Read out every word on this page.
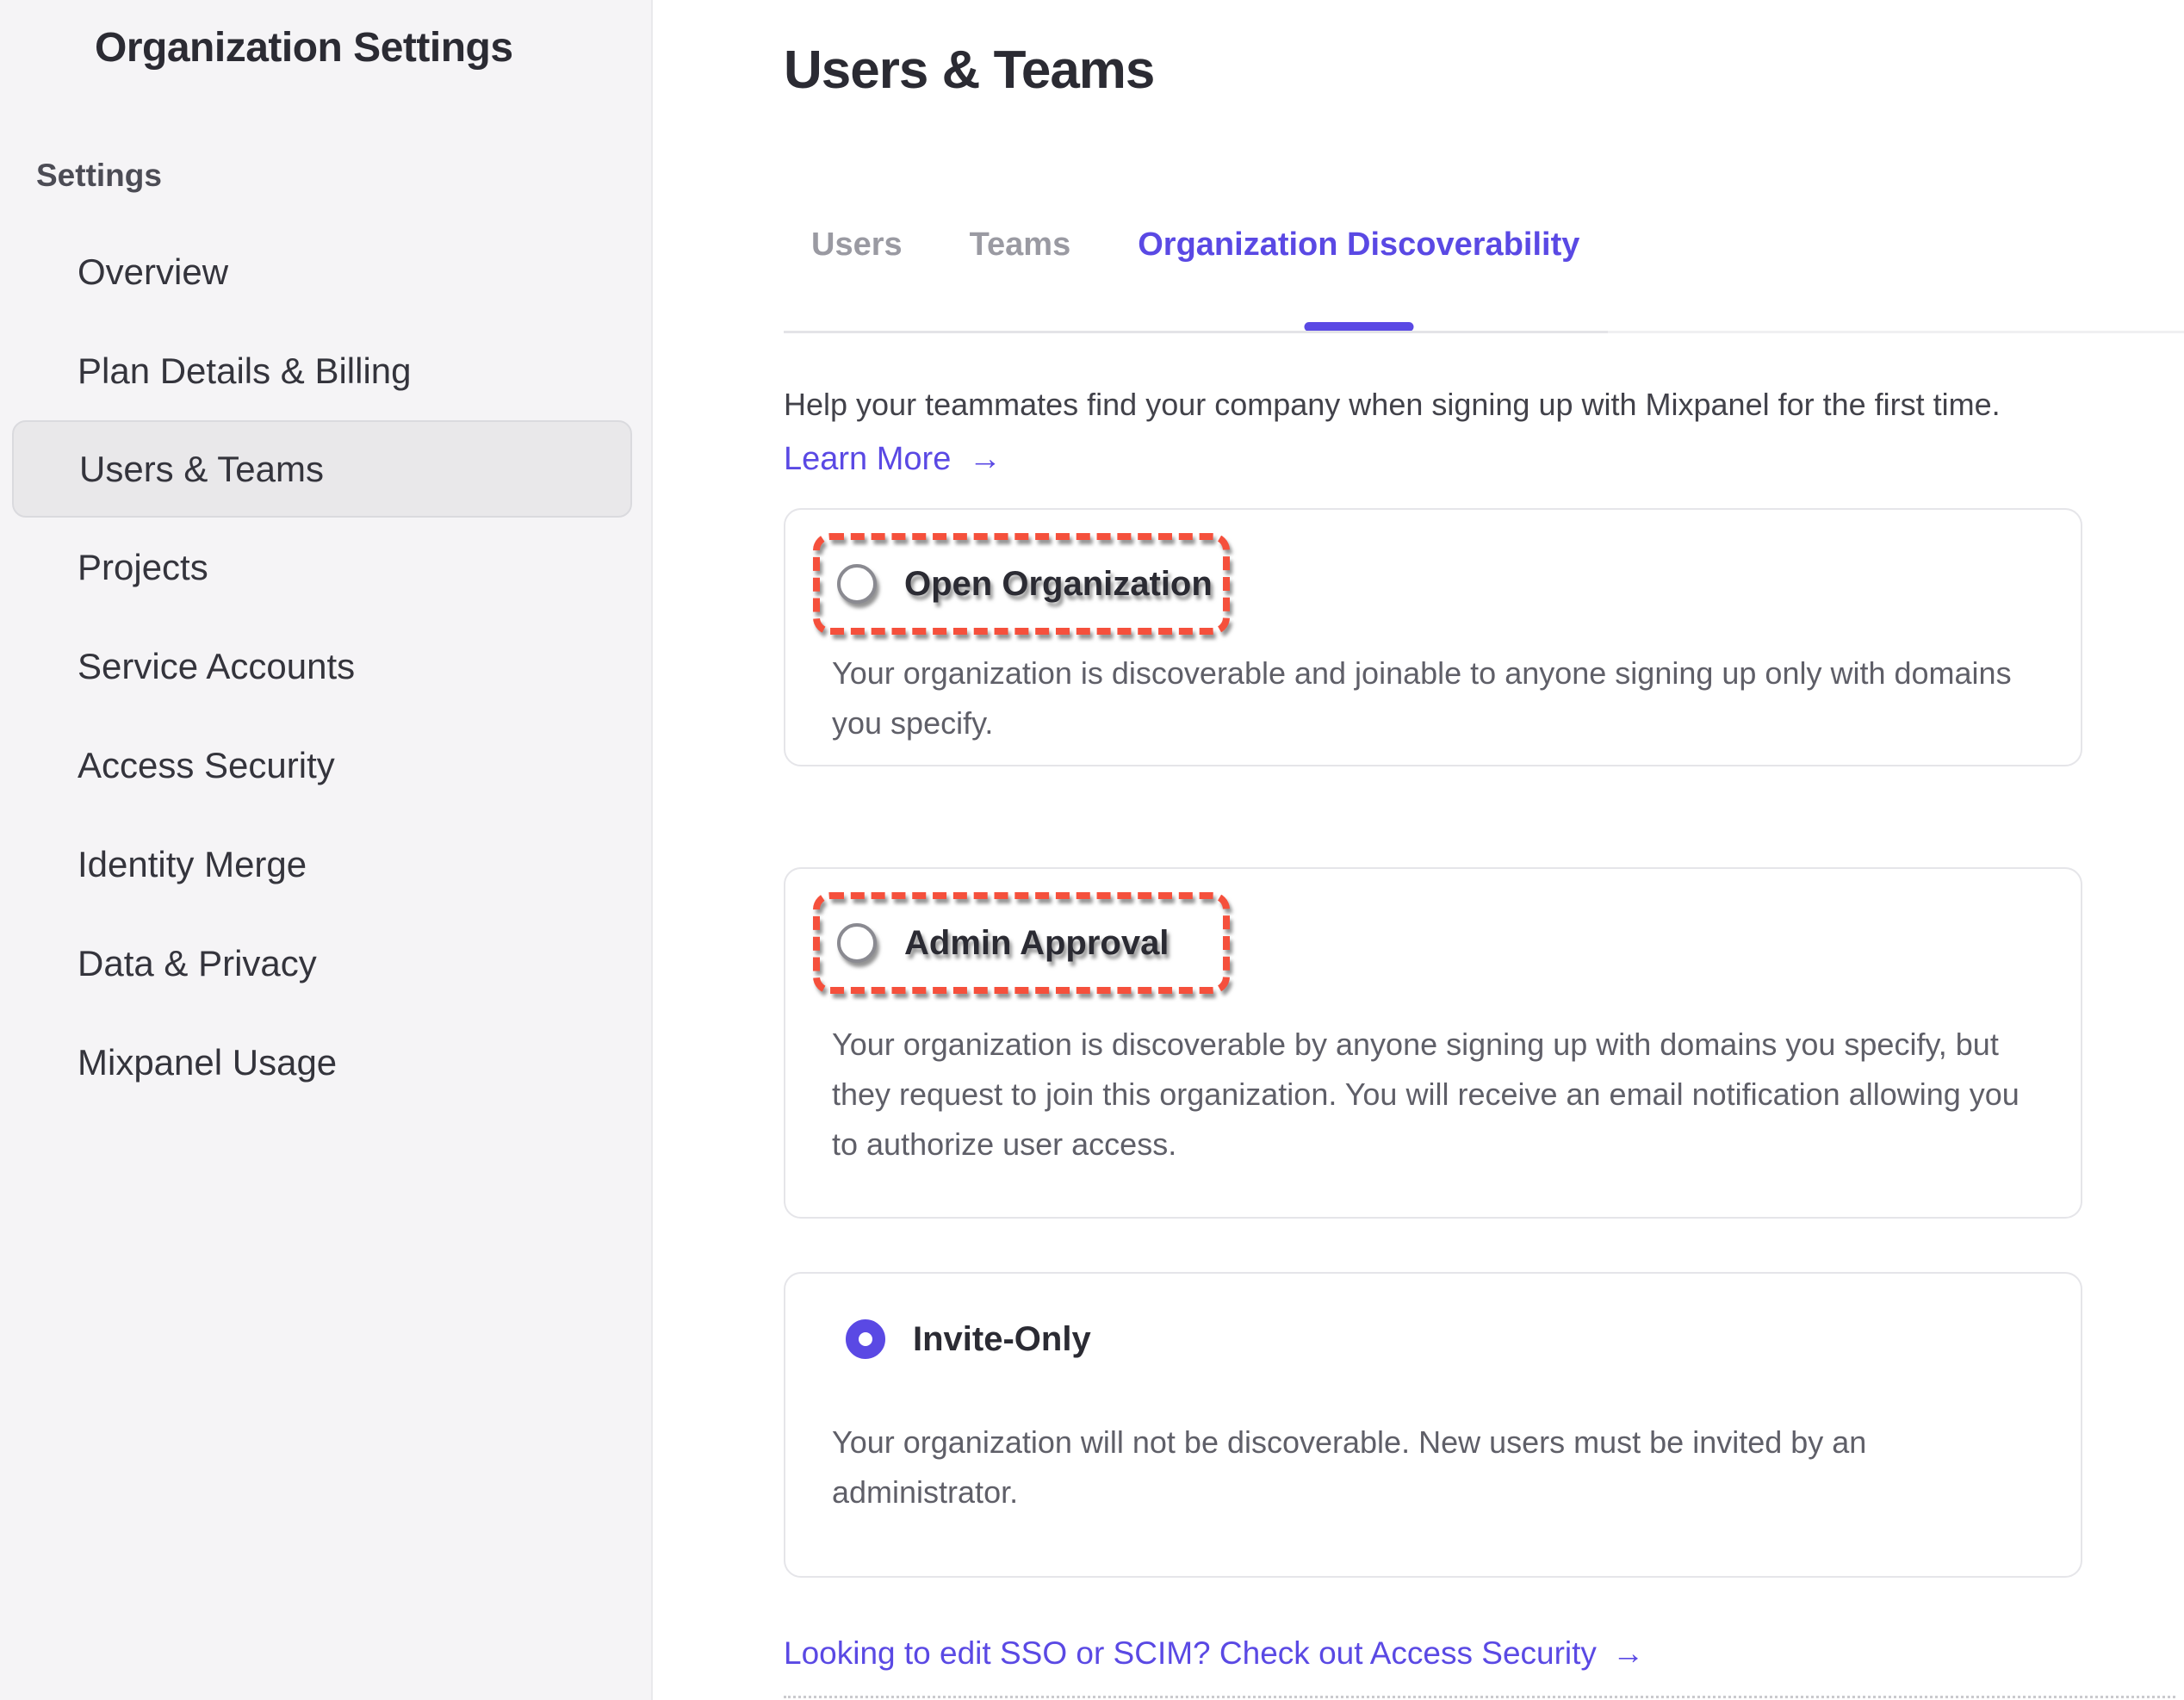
Organization Settings
Settings
Overview
Plan Details & Billing
Users & Teams
Projects
Service Accounts
Access Security
Identity Merge
Data & Privacy
Mixpanel Usage
Users & Teams
Users Teams Organization Discoverability

Help your teammates find your company when signing up with Mixpanel for the first time.

Learn More →
Open Organization

Your organization is discoverable and joinable to anyone signing up only with domains you specify.

Admin Approval

Your organization is discoverable by anyone signing up with domains you specify, but they request to join this organization. You will receive an email notification allowing you to authorize user access.

Invite-Only

Your organization will not be discoverable. New users must be invited by an administrator.

Looking to edit SSO or SCIM? Check out Access Security →
